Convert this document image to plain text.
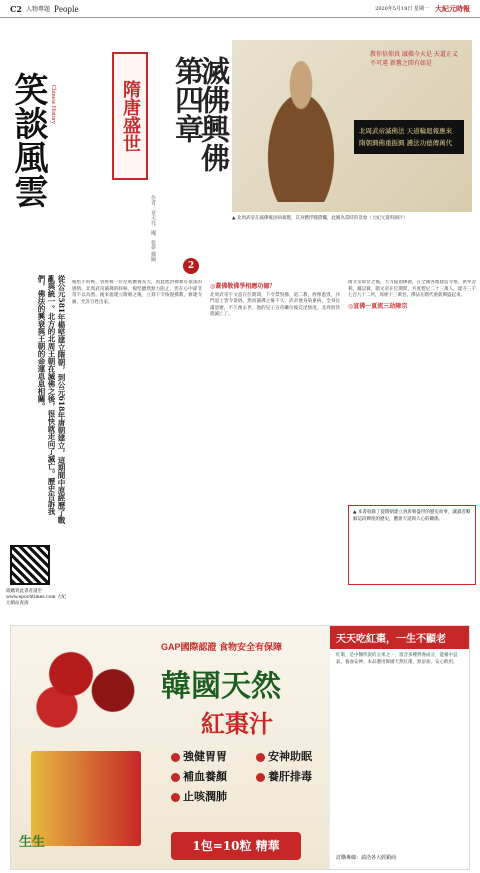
C2 人物專題 People	2020年5月18日 星期一 大紀元時報
笑談風雲 Chinese History
從公元581年楊堅建立隋朝，到公元618年唐朝建立，這期間中原經歷了戰亂與統一。北方的北周王朝在滅佛之後，很快就走向了滅亡。歷史告訴我們，佛法的興衰與王朝的命運息息相關。
欲購買此書者請至 www.epochtimes.com 大紀元網站查詢
隋唐盛世 第四章
滅佛興佛
2
作者：章天亮、國、張夢 插圖
教你信仰真 滅佛今天是 天道正义不可違 新舊之間有如是
北周武帝滅佛法 天道輪迴報應來 隋朝興佛重振興 護法功德傳萬代
▲ 北周武帝在滅佛後因病暴斃，其身體浮腫潰爛，此圖為當時的景象（大紀元資料圖片）
楊堅小時候，曾經被一位尼姑撫養長大，因此他對佛教有很深的感情。北周武帝滅佛的時候，楊堅雖然無力阻止，但在心中卻非常不以為然。後來他建立隋朝之後，立刻下令恢復佛教，修建寺廟，允許百姓出家。
◎蓋佛敬佛爭相應功德？
北周武帝宇文邕在位期間，下令禁毀佛、道二教，經像悉毀，沙門道士皆令還俗。然而滅佛之後不久，武帝便身染重病，全身長滿惡瘡，不久便去世。他的兒子宣帝繼位後荒淫無度，北周很快就滅亡了。
隋文帝即位之後，大力提倡佛教，在全國各地建造寺塔，供奉舍利。據記載，隋文帝在位期間，共度僧尼二十三萬人，建寺三千七百九十二所，寫經十三萬卷。佛法在隋代重新興盛起來。
◎宣佛一夏流三劫障宗
▲ 本書收錄了從隋朝建立到唐朝盛世的歷史故事，讓讀者瞭解這段輝煌的歷史，體會天道與人心的關係。
生生
GAP國際認證 食物安全有保障
韓國天然
紅棗汁
強健胃胃	安神助眠
補血養顏	養肝排毒
止咳潤肺
1包=10粒 精華
天天吃紅棗，一生不顯老
紅棗，是中醫所說的五果之一，富含多種營養成分，能補中益氣、養血安神。本品選用韓國天然紅棗，無添加，安心飲用。
訂購專線：請洽各大經銷商
